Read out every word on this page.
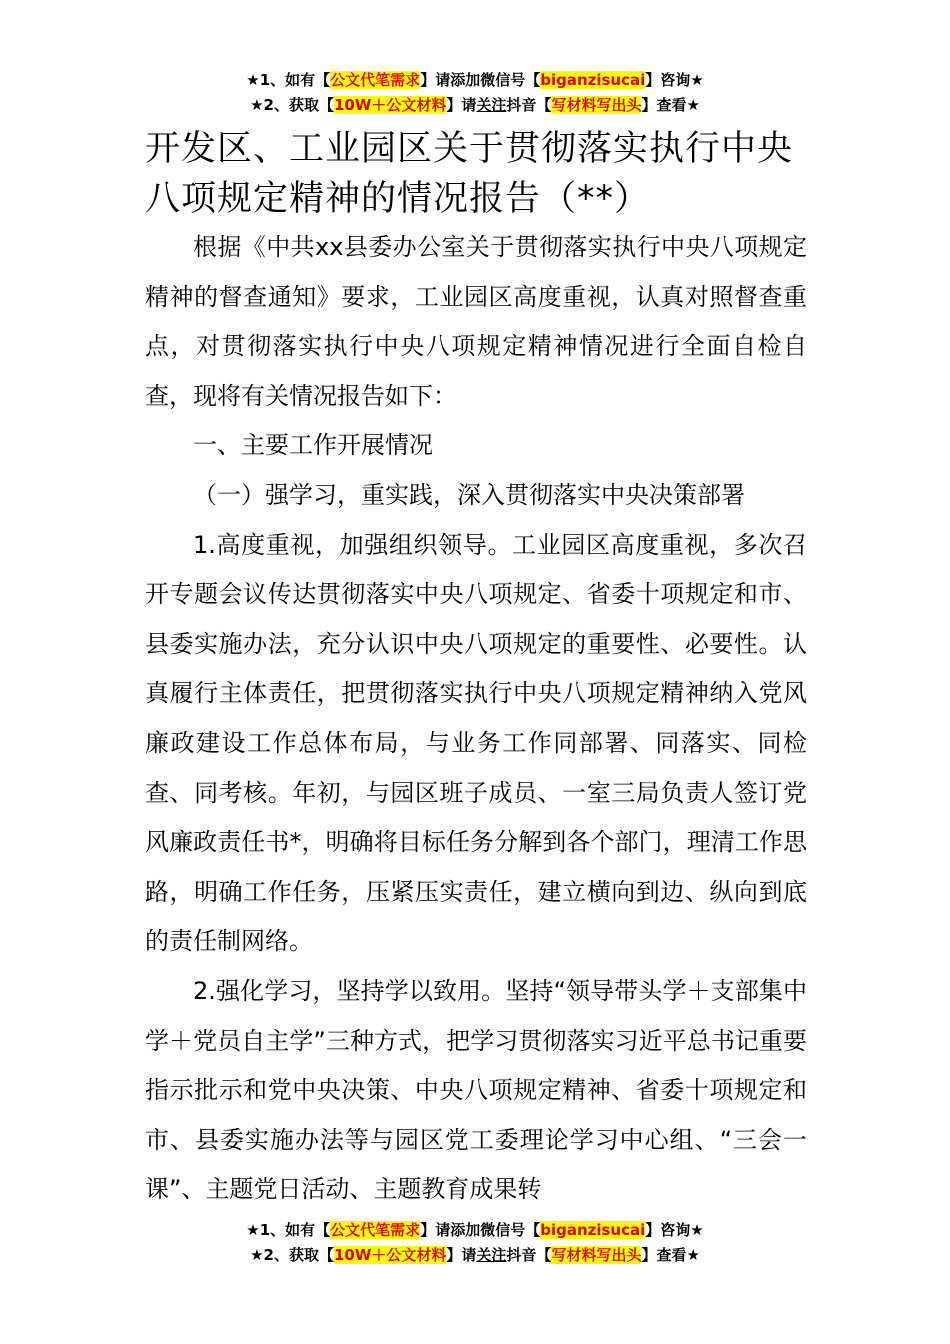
★1、如有【公文代笔需求】请添加微信号【biganzisucai】咨询★
★2、获取【10W＋公文材料】请关注抖音【写材料写出头】查看★
开发区、工业园区关于贯彻落实执行中央
八项规定精神的情况报告（**）

根据《中共xx县委办公室关于贯彻落实执行中央八项规定精神的督查通知》要求，工业园区高度重视，认真对照督查重点，对贯彻落实执行中央八项规定精神情况进行全面自检自查，现将有关情况报告如下：

一、主要工作开展情况

（一）强学习，重实践，深入贯彻落实中央决策部署

1.高度重视，加强组织领导。工业园区高度重视，多次召开专题会议传达贯彻落实中央八项规定、省委十项规定和市、县委实施办法，充分认识中央八项规定的重要性、必要性。认真履行主体责任，把贯彻落实执行中央八项规定精神纳入党风廉政建设工作总体布局，与业务工作同部署、同落实、同检查、同考核。年初，与园区班子成员、一室三局负责人签订党风廉政责任书*，明确将目标任务分解到各个部门，理清工作思路，明确工作任务，压紧压实责任，建立横向到边、纵向到底的责任制网络。

2.强化学习，坚持学以致用。坚持“领导带头学＋支部集中学＋党员自主学”三种方式，把学习贯彻落实习近平总书记重要指示批示和党中央决策、中央八项规定精神、省委十项规定和市、县委实施办法等与园区党工委理论学习中心组、“三会一课”、主题党日活动、主题教育成果转

★1、如有【公文代笔需求】请添加微信号【biganzisucai】咨询★
★2、获取【10W＋公文材料】请关注抖音【写材料写出头】查看★
